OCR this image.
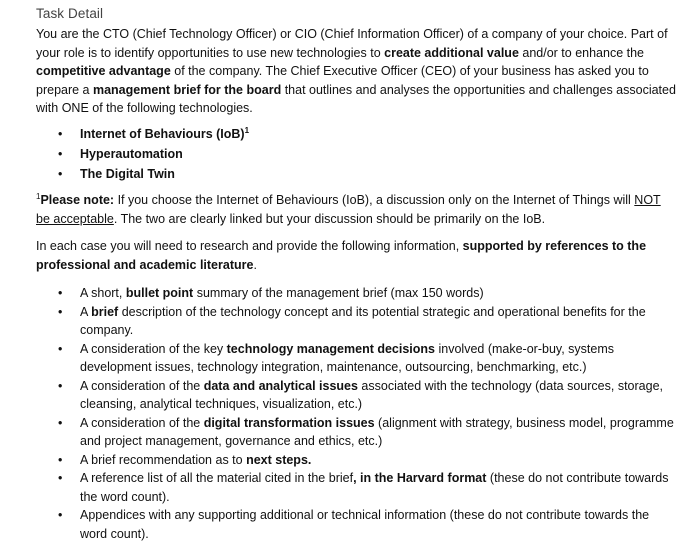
Task Detail
You are the CTO (Chief Technology Officer) or CIO (Chief Information Officer) of a company of your choice. Part of your role is to identify opportunities to use new technologies to create additional value and/or to enhance the competitive advantage of the company. The Chief Executive Officer (CEO) of your business has asked you to prepare a management brief for the board that outlines and analyses the opportunities and challenges associated with ONE of the following technologies.
• Internet of Behaviours (IoB)$^1$
• Hyperautomation
• The Digital Twin
$^1$Please note: If you choose the Internet of Behaviours (IoB), a discussion only on the Internet of Things will NOT be acceptable. The two are clearly linked but your discussion should be primarily on the IoB.
In each case you will need to research and provide the following information, supported by references to the professional and academic literature.
• A short, bullet point summary of the management brief (max 150 words)
• A brief description of the technology concept and its potential strategic and operational benefits for the company.
• A consideration of the key technology management decisions involved (make-or-buy, systems development issues, technology integration, maintenance, outsourcing, benchmarking, etc.)
• A consideration of the data and analytical issues associated with the technology (data sources, storage, cleansing, analytical techniques, visualization, etc.)
• A consideration of the digital transformation issues (alignment with strategy, business model, programme and project management, governance and ethics, etc.)
• A brief recommendation as to next steps.
• A reference list of all the material cited in the brief, in the Harvard format (these do not contribute towards the word count).
• Appendices with any supporting additional or technical information (these do not contribute towards the word count).
